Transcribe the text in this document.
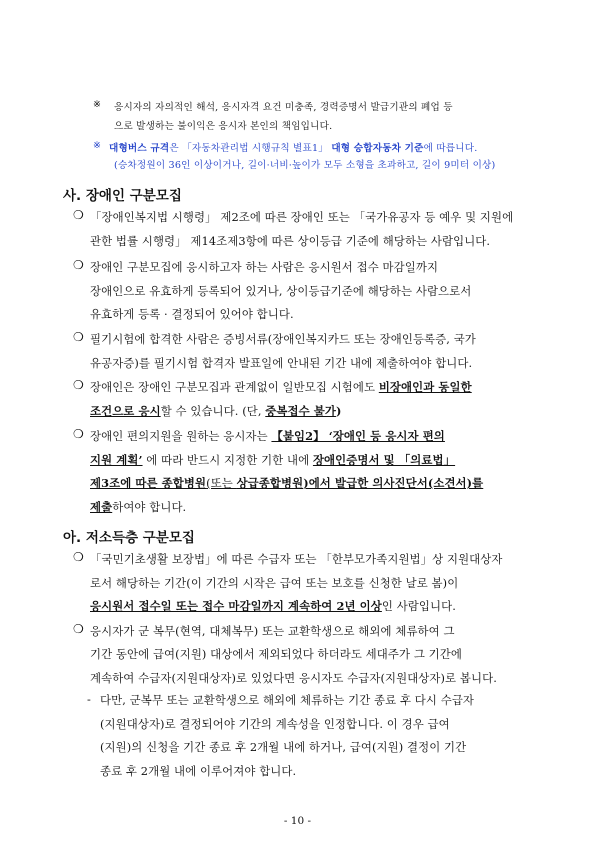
※ 응시자의 자의적인 해석, 응시자격 요건 미충족, 경력증명서 발급기관의 폐업 등

으로 발생하는 불이익은 응시자 본인의 책임입니다.

※ 대형버스 규격은 「자동차관리법 시행규칙 별표1」 대형 승합자동차 기준에 따릅니다.

(승차정원이 36인 이상이거나, 길이·너비·높이가 모두 소형을 초과하고, 길이 9미터 이상)

사. 장애인 구분모집
❍ 「장애인복지법 시행령」 제2조에 따른 장애인 또는 「국가유공자 등 예우 및 지원에

관한 법률 시행령」 제14조제3항에 따른 상이등급 기준에 해당하는 사람입니다.

❍ 장애인 구분모집에 응시하고자 하는 사람은 응시원서 접수 마감일까지

장애인으로 유효하게 등록되어 있거나, 상이등급기준에 해당하는 사람으로서

유효하게 등록 · 결정되어 있어야 합니다.

❍ 필기시험에 합격한 사람은 증빙서류(장애인복지카드 또는 장애인등록증, 국가

유공자증)를 필기시험 합격자 발표일에 안내된 기간 내에 제출하여야 합니다.

❍ 장애인은 장애인 구분모집과 관계없이 일반모집 시험에도 비장애인과 동일한

조건으로 응시할 수 있습니다. (단, 중복접수 불가)

❍ 장애인 편의지원을 원하는 응시자는 【붙임2】 ‘장애인 등 응시자 편의

지원 계획’ 에 따라 반드시 지정한 기한 내에 장애인증명서 및 「의료법」

제3조에 따른 종합병원(또는 상급종합병원)에서 발급한 의사진단서(소견서)를

제출하여야 합니다.

아. 저소득층 구분모집
❍ 「국민기초생활 보장법」에 따른 수급자 또는 「한부모가족지원법」상 지원대상자

로서 해당하는 기간(이 기간의 시작은 급여 또는 보호를 신청한 날로 봄)이

응시원서 접수일 또는 접수 마감일까지 계속하여 2년 이상인 사람입니다.

❍ 응시자가 군 복무(현역, 대체복무) 또는 교환학생으로 해외에 체류하여 그

기간 동안에 급여(지원) 대상에서 제외되었다 하더라도 세대주가 그 기간에

계속하여 수급자(지원대상자)로 있었다면 응시자도 수급자(지원대상자)로 봅니다.

- 다만, 군복무 또는 교환학생으로 해외에 체류하는 기간 종료 후 다시 수급자

(지원대상자)로 결정되어야 기간의 계속성을 인정합니다. 이 경우 급여

(지원)의 신청을 기간 종료 후 2개월 내에 하거나, 급여(지원) 결정이 기간

종료 후 2개월 내에 이루어져야 합니다.

- 10 -
